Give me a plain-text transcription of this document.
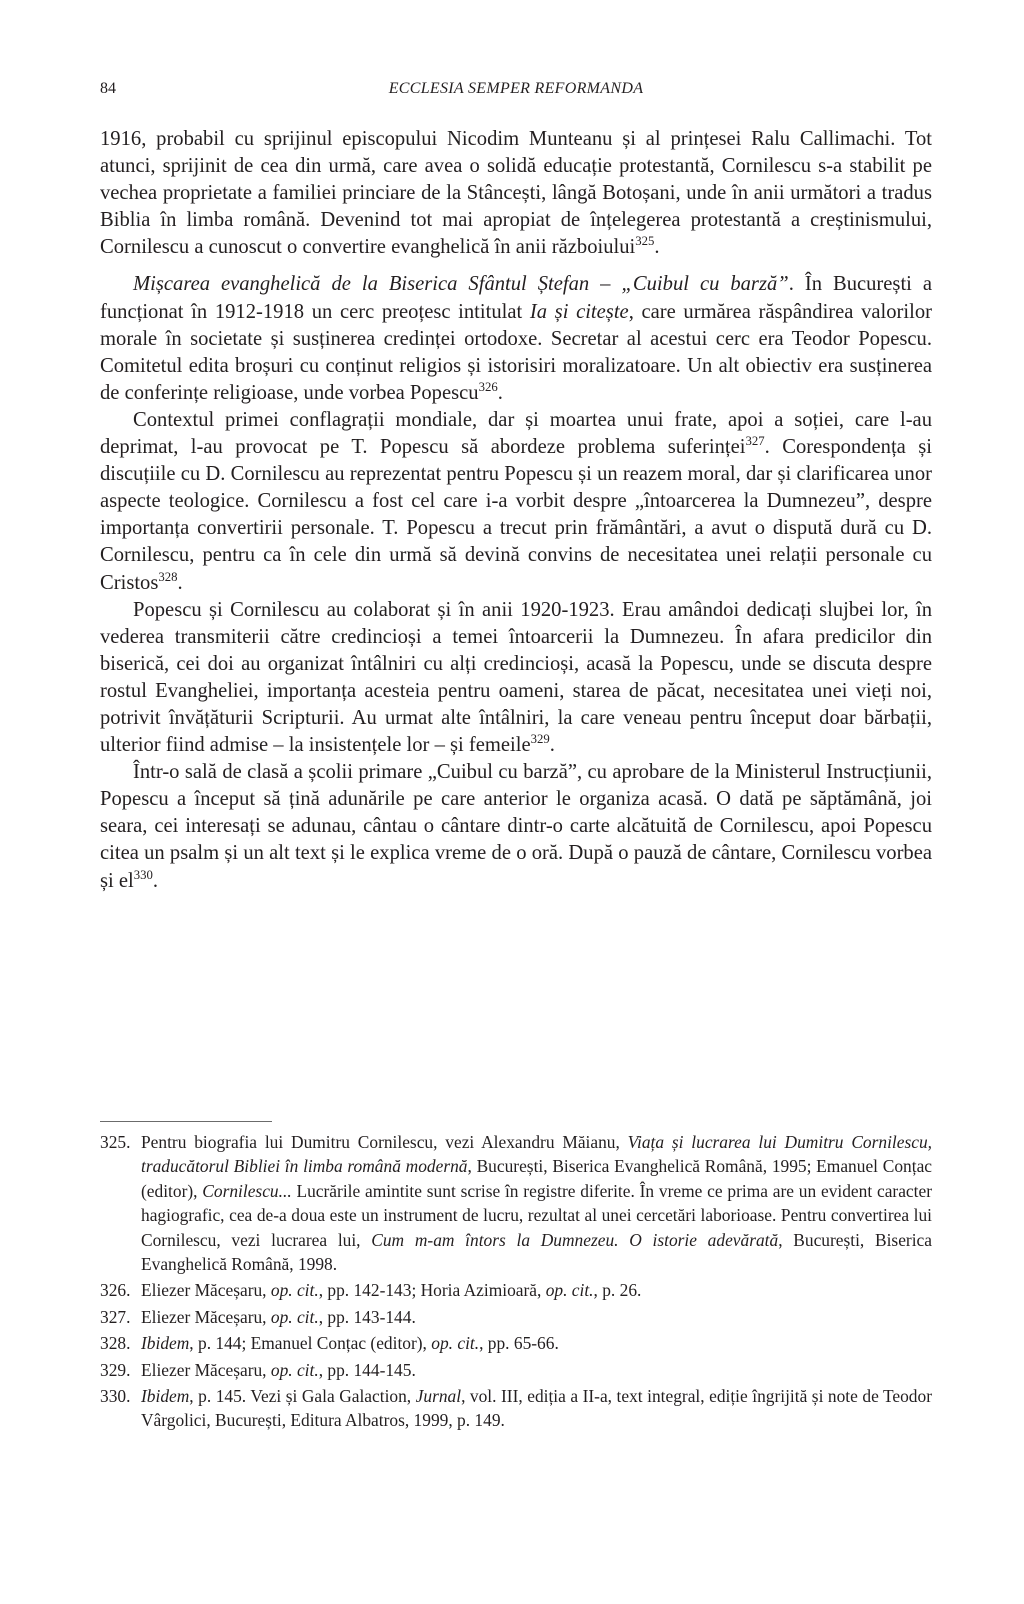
84	ECCLESIA SEMPER REFORMANDA

1916, probabil cu sprijinul episcopului Nicodim Munteanu și al prințesei Ralu Callimachi. Tot atunci, sprijinit de cea din urmă, care avea o solidă educație protestantă, Cornilescu s-a stabilit pe vechea proprietate a familiei princiare de la Stâncești, lângă Botoșani, unde în anii următori a tradus Biblia în limba română. Devenind tot mai apropiat de înțelegerea protestantă a creștinismului, Cornilescu a cunoscut o convertire evanghelică în anii războiului$^{325}$.

Mișcarea evanghelică de la Biserica Sfântul Ștefan – „Cuibul cu barză”. În București a funcționat în 1912-1918 un cerc preoțesc intitulat Ia și citește, care urmărea răspândirea valorilor morale în societate și susținerea credinței ortodoxe. Secretar al acestui cerc era Teodor Popescu. Comitetul edita broșuri cu conținut religios și istorisiri moralizatoare. Un alt obiectiv era susținerea de conferințe religioase, unde vorbea Popescu$^{326}$.

Contextul primei conflagrații mondiale, dar și moartea unui frate, apoi a soției, care l-au deprimat, l-au provocat pe T. Popescu să abordeze problema suferinței$^{327}$. Corespondența și discuțiile cu D. Cornilescu au reprezentat pentru Popescu și un reazem moral, dar și clarificarea unor aspecte teologice. Cornilescu a fost cel care i-a vorbit despre „întoarcerea la Dumnezeu”, despre importanța convertirii personale. T. Popescu a trecut prin frământări, a avut o dispută dură cu D. Cornilescu, pentru ca în cele din urmă să devină convins de necesitatea unei relații personale cu Cristos$^{328}$.

Popescu și Cornilescu au colaborat și în anii 1920-1923. Erau amândoi dedicați slujbei lor, în vederea transmiterii către credincioși a temei întoarcerii la Dumnezeu. În afara predicilor din biserică, cei doi au organizat întâlniri cu alți credincioși, acasă la Popescu, unde se discuta despre rostul Evangheliei, importanța acesteia pentru oameni, starea de păcat, necesitatea unei vieți noi, potrivit învățăturii Scripturii. Au urmat alte întâlniri, la care veneau pentru început doar bărbații, ulterior fiind admise – la insistențele lor – și femeile$^{329}$.

Într-o sală de clasă a școlii primare „Cuibul cu barză”, cu aprobare de la Ministerul Instrucțiunii, Popescu a început să țină adunările pe care anterior le organiza acasă. O dată pe săptămână, joi seara, cei interesați se adunau, cântau o cântare dintr-o carte alcătuită de Cornilescu, apoi Popescu citea un psalm și un alt text și le explica vreme de o oră. După o pauză de cântare, Cornilescu vorbea și $el^{330}$.

325. Pentru biografia lui Dumitru Cornilescu, vezi Alexandru Măianu, Viața și lucrarea lui Dumitru Cornilescu, traducătorul Bibliei în limba română modernă, București, Biserica Evanghelică Română, 1995; Emanuel Conțac (editor), Cornilescu... Lucrările amintite sunt scrise în registre diferite. În vreme ce prima are un evident caracter hagiografic, cea de-a doua este un instrument de lucru, rezultat al unei cercetări laborioase. Pentru convertirea lui Cornilescu, vezi lucrarea lui, Cum m-am întors la Dumnezeu. O istorie adevărată, București, Biserica Evanghelică Română, 1998.

326. Eliezer Măceșaru, op. cit., pp. 142-143; Horia Azimioară, op. cit., p. 26.

327. Eliezer Măceșaru, op. cit., pp. 143-144.

328. Ibidem, p. 144; Emanuel Conțac (editor), op. cit., pp. 65-66.

329. Eliezer Măceșaru, op. cit., pp. 144-145.

330. Ibidem, p. 145. Vezi și Gala Galaction, Jurnal, vol. III, ediția a II-a, text integral, ediție îngrijită și note de Teodor Vârgolici, București, Editura Albatros, 1999, p. 149.
